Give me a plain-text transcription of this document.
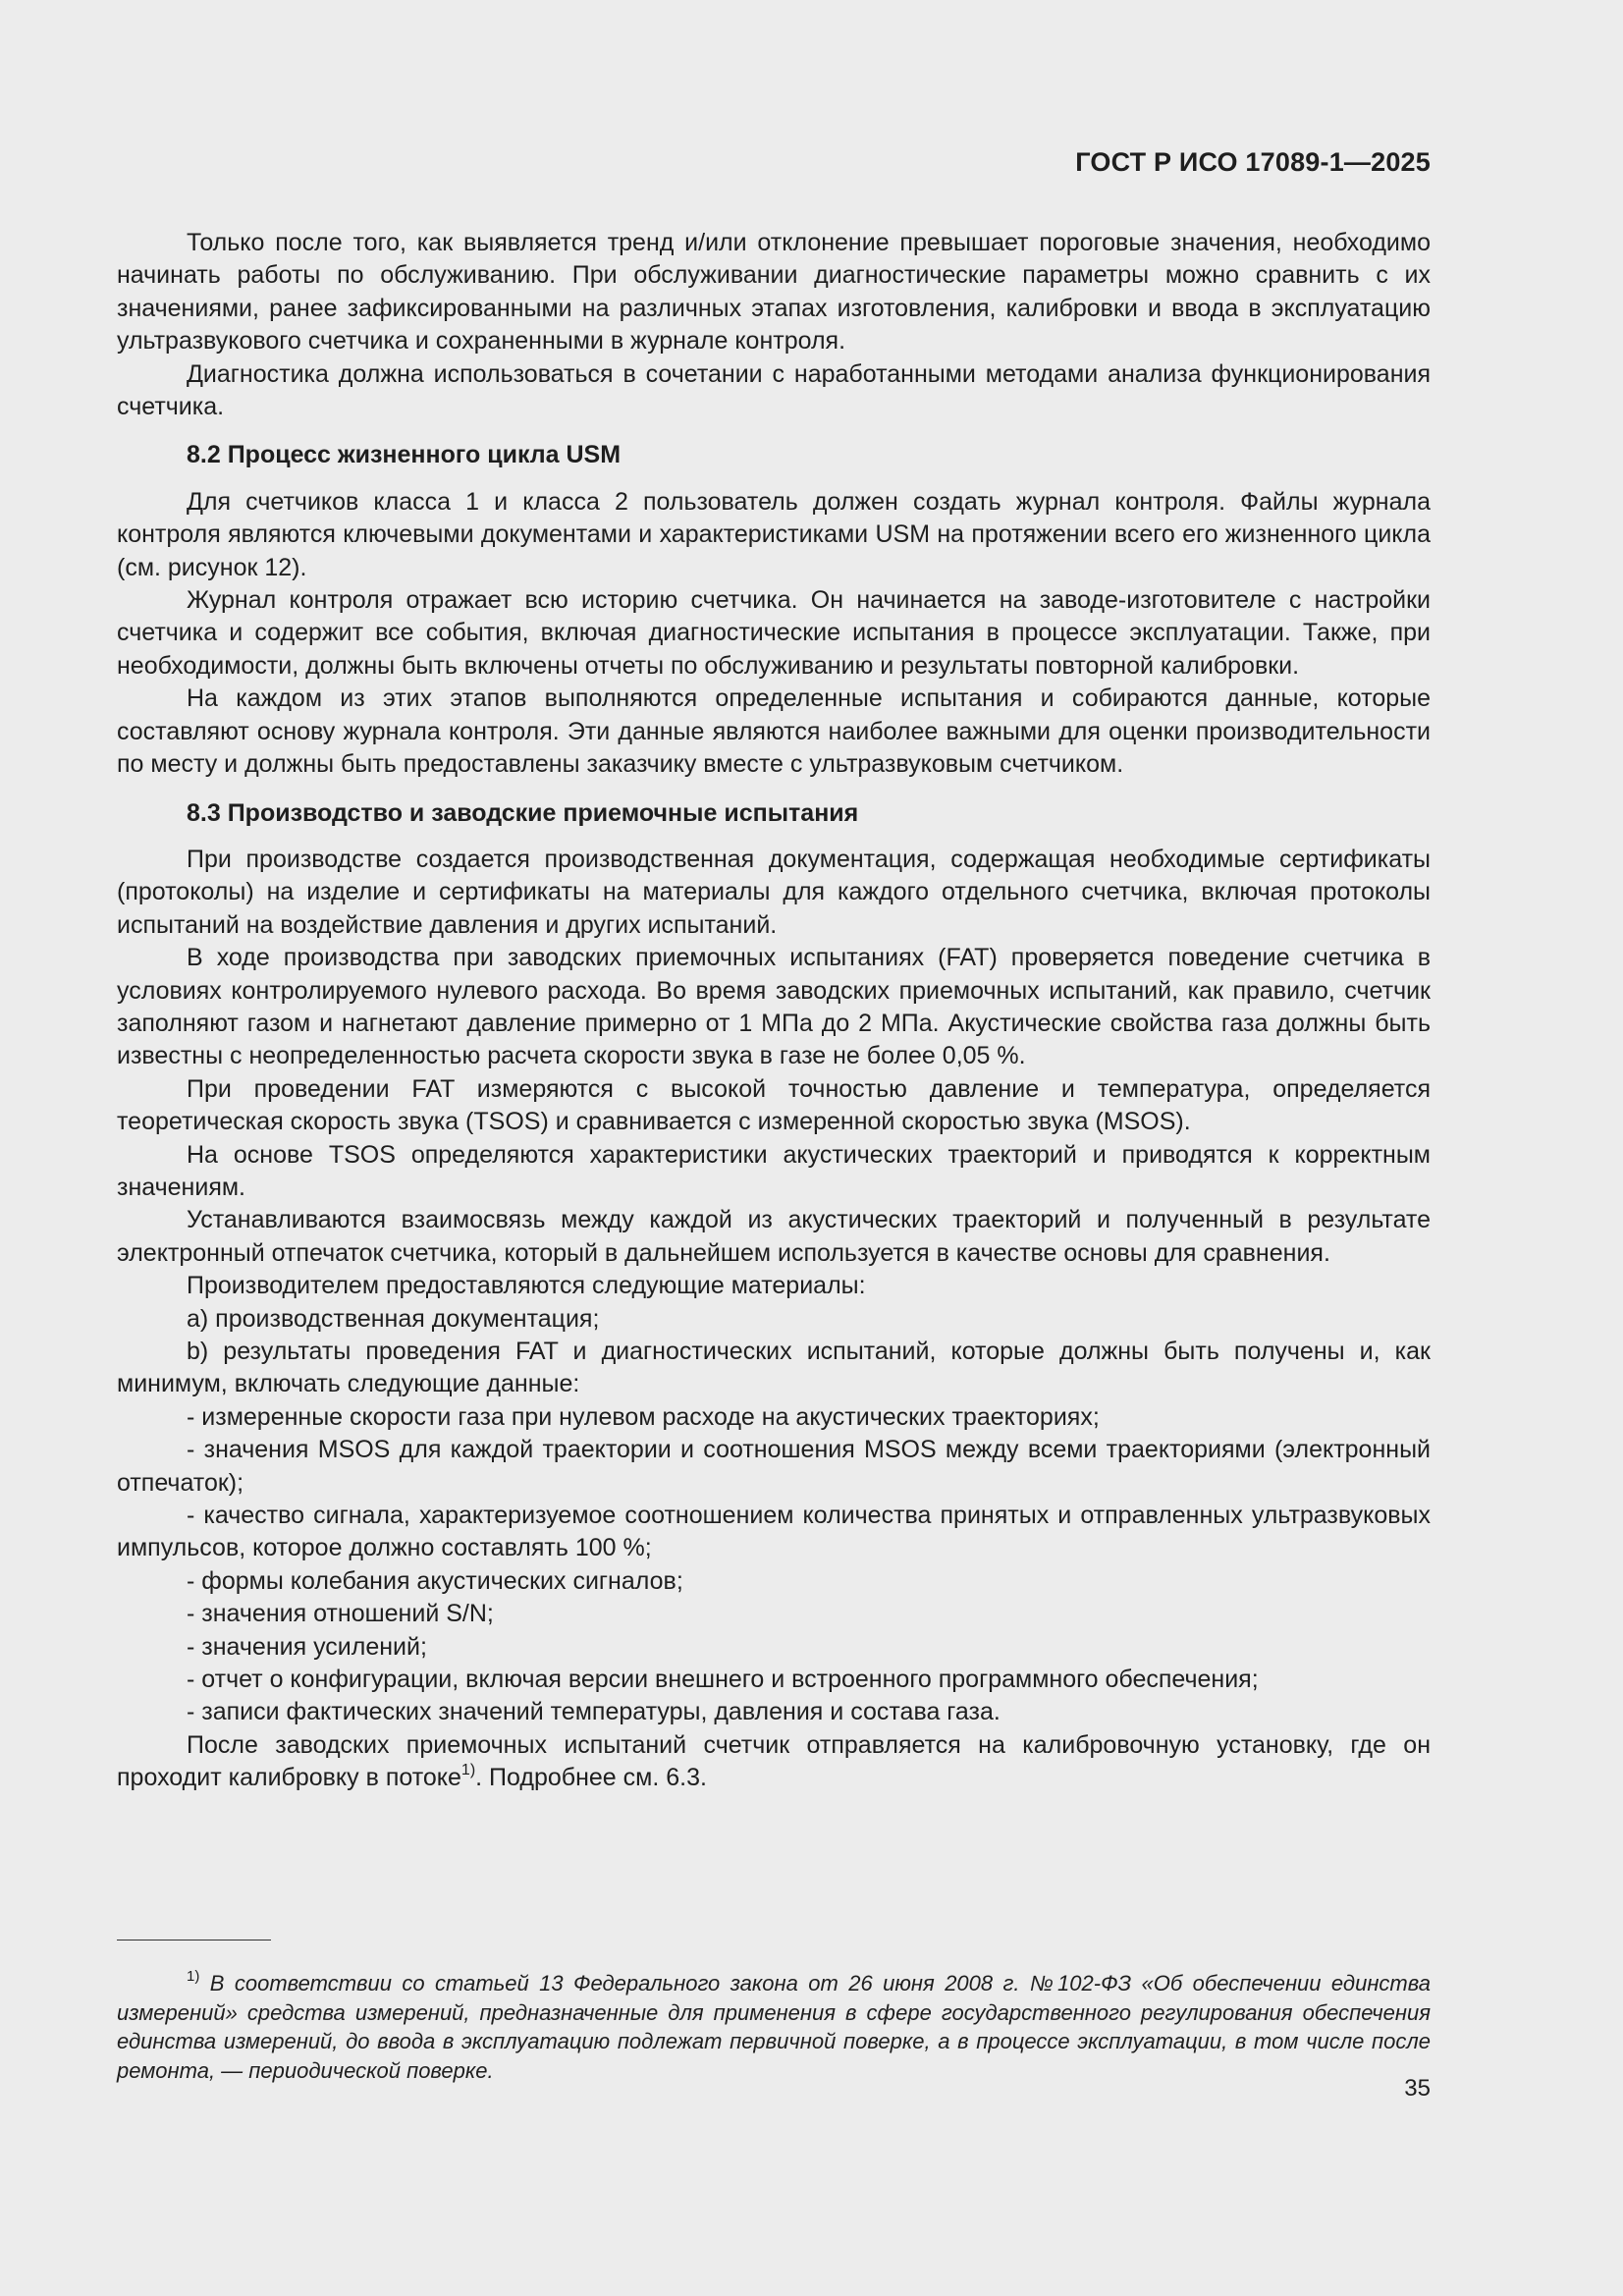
ГОСТ Р ИСО 17089-1—2025

Только после того, как выявляется тренд и/или отклонение превышает пороговые значения, необходимо начинать работы по обслуживанию. При обслуживании диагностические параметры можно сравнить с их значениями, ранее зафиксированными на различных этапах изготовления, калибровки и ввода в эксплуатацию ультразвукового счетчика и сохраненными в журнале контроля.

Диагностика должна использоваться в сочетании с наработанными методами анализа функционирования счетчика.

8.2 Процесс жизненного цикла USM

Для счетчиков класса 1 и класса 2 пользователь должен создать журнал контроля. Файлы журнала контроля являются ключевыми документами и характеристиками USM на протяжении всего его жизненного цикла (см. рисунок 12).

Журнал контроля отражает всю историю счетчика. Он начинается на заводе-изготовителе с настройки счетчика и содержит все события, включая диагностические испытания в процессе эксплуатации. Также, при необходимости, должны быть включены отчеты по обслуживанию и результаты повторной калибровки.

На каждом из этих этапов выполняются определенные испытания и собираются данные, которые составляют основу журнала контроля. Эти данные являются наиболее важными для оценки производительности по месту и должны быть предоставлены заказчику вместе с ультразвуковым счетчиком.

8.3 Производство и заводские приемочные испытания

При производстве создается производственная документация, содержащая необходимые сертификаты (протоколы) на изделие и сертификаты на материалы для каждого отдельного счетчика, включая протоколы испытаний на воздействие давления и других испытаний.

В ходе производства при заводских приемочных испытаниях (FAT) проверяется поведение счетчика в условиях контролируемого нулевого расхода. Во время заводских приемочных испытаний, как правило, счетчик заполняют газом и нагнетают давление примерно от 1 МПа до 2 МПа. Акустические свойства газа должны быть известны с неопределенностью расчета скорости звука в газе не более 0,05 %.

При проведении FAT измеряются с высокой точностью давление и температура, определяется теоретическая скорость звука (TSOS) и сравнивается с измеренной скоростью звука (MSOS).

На основе TSOS определяются характеристики акустических траекторий и приводятся к корректным значениям.

Устанавливаются взаимосвязь между каждой из акустических траекторий и полученный в результате электронный отпечаток счетчика, который в дальнейшем используется в качестве основы для сравнения.

Производителем предоставляются следующие материалы:

а) производственная документация;

b) результаты проведения FAT и диагностических испытаний, которые должны быть получены и, как минимум, включать следующие данные:

- измеренные скорости газа при нулевом расходе на акустических траекториях;

- значения MSOS для каждой траектории и соотношения MSOS между всеми траекториями (электронный отпечаток);

- качество сигнала, характеризуемое соотношением количества принятых и отправленных ультразвуковых импульсов, которое должно составлять 100 %;

- формы колебания акустических сигналов;

- значения отношений S/N;

- значения усилений;

- отчет о конфигурации, включая версии внешнего и встроенного программного обеспечения;

- записи фактических значений температуры, давления и состава газа.

После заводских приемочных испытаний счетчик отправляется на калибровочную установку, где он проходит калибровку в потоке$^{1)}$. Подробнее см. 6.3.

$^{1)}$ В соответствии со статьей 13 Федерального закона от 26 июня 2008 г. №102-ФЗ «Об обеспечении единства измерений» средства измерений, предназначенные для применения в сфере государственного регулирования обеспечения единства измерений, до ввода в эксплуатацию подлежат первичной поверке, а в процессе эксплуатации, в том числе после ремонта, — периодической поверке.

35
